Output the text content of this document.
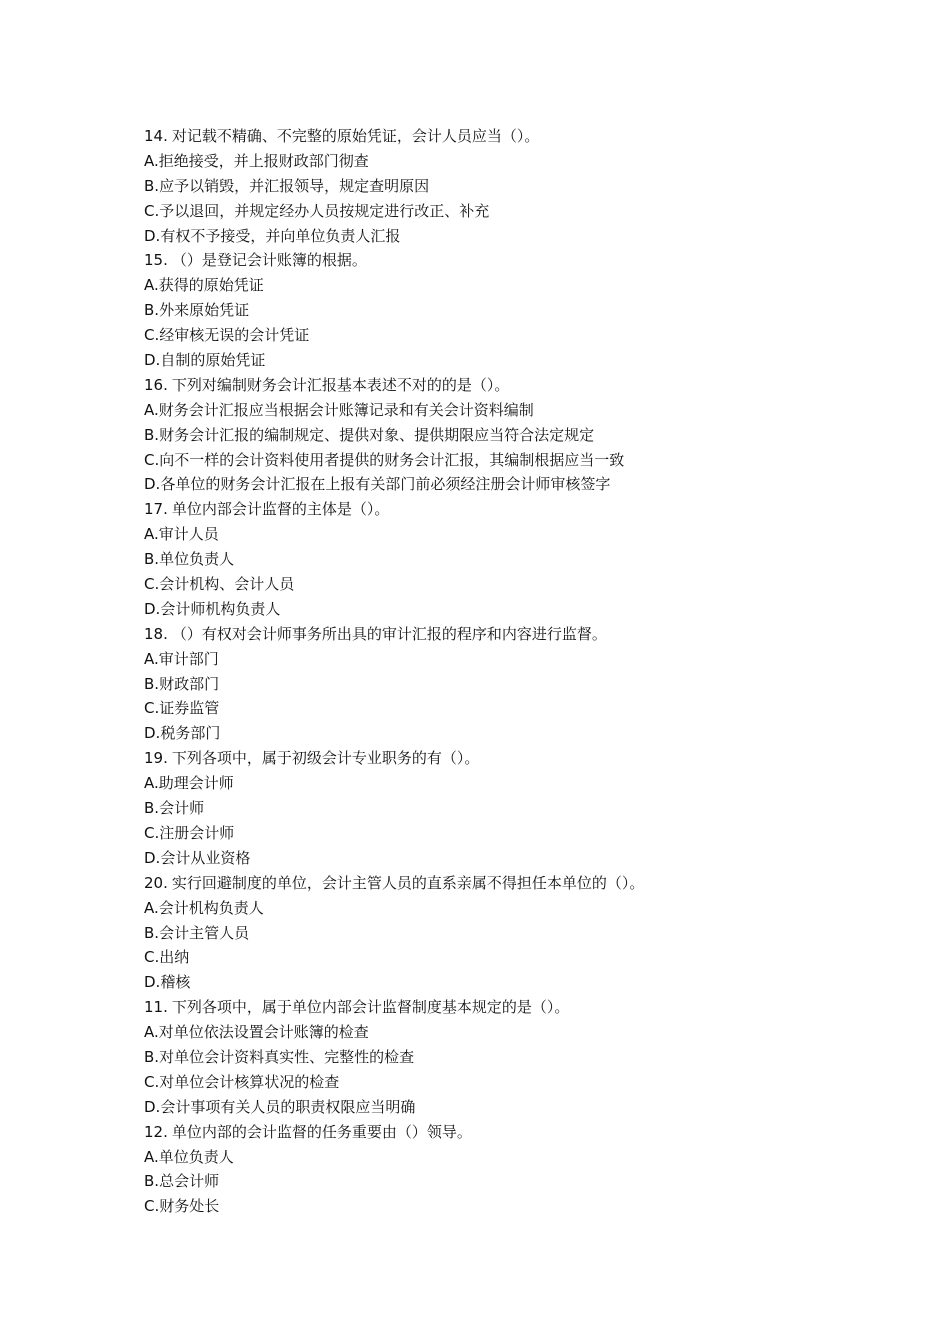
14. 对记载不精确、不完整的原始凭证，会计人员应当（）。
A.拒绝接受，并上报财政部门彻查
B.应予以销毁，并汇报领导，规定查明原因
C.予以退回，并规定经办人员按规定进行改正、补充
D.有权不予接受，并向单位负责人汇报
15. （）是登记会计账簿的根据。
A.获得的原始凭证
B.外来原始凭证
C.经审核无误的会计凭证
D.自制的原始凭证
16. 下列对编制财务会计汇报基本表述不对的的是（）。
A.财务会计汇报应当根据会计账簿记录和有关会计资料编制
B.财务会计汇报的编制规定、提供对象、提供期限应当符合法定规定
C.向不一样的会计资料使用者提供的财务会计汇报，其编制根据应当一致
D.各单位的财务会计汇报在上报有关部门前必须经注册会计师审核签字
17. 单位内部会计监督的主体是（）。
A.审计人员
B.单位负责人
C.会计机构、会计人员
D.会计师机构负责人
18. （）有权对会计师事务所出具的审计汇报的程序和内容进行监督。
A.审计部门
B.财政部门
C.证券监管
D.税务部门
19. 下列各项中，属于初级会计专业职务的有（）。
A.助理会计师
B.会计师
C.注册会计师
D.会计从业资格
20. 实行回避制度的单位，会计主管人员的直系亲属不得担任本单位的（）。
A.会计机构负责人
B.会计主管人员
C.出纳
D.稽核
11. 下列各项中，属于单位内部会计监督制度基本规定的是（）。
A.对单位依法设置会计账簿的检查
B.对单位会计资料真实性、完整性的检查
C.对单位会计核算状况的检查
D.会计事项有关人员的职责权限应当明确
12. 单位内部的会计监督的任务重要由（）领导。
A.单位负责人
B.总会计师
C.财务处长
